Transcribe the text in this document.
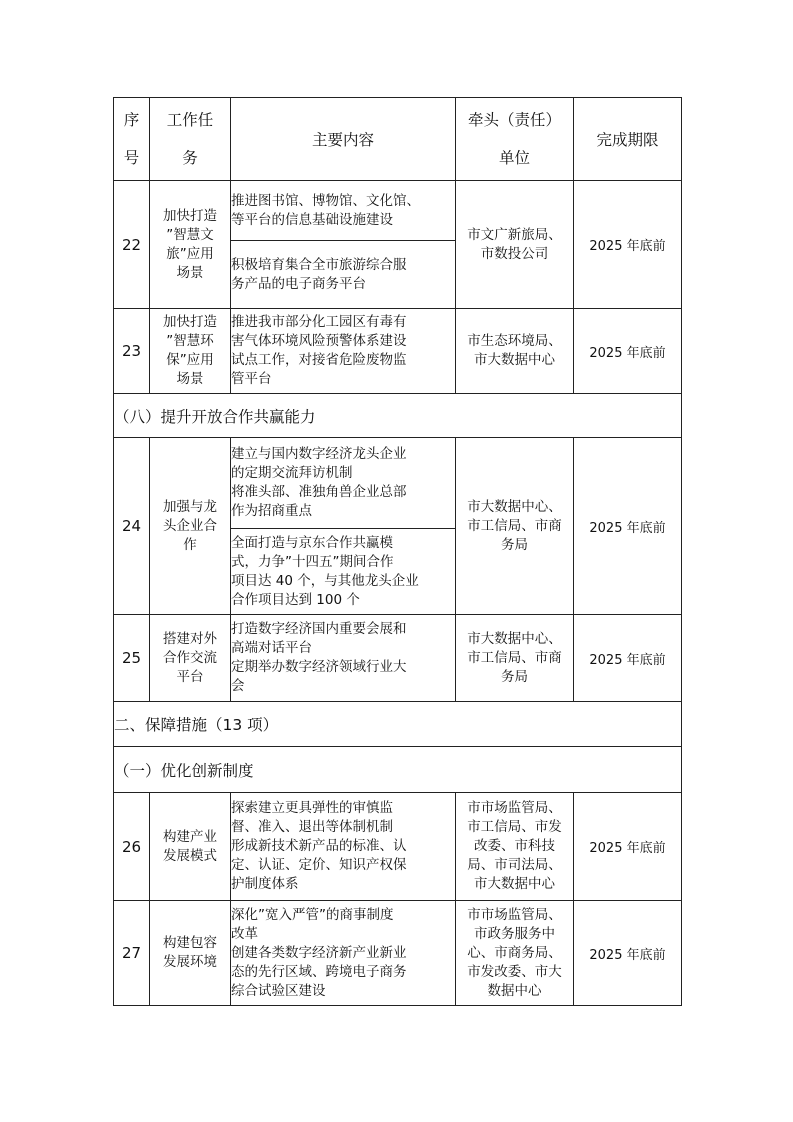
序
号	工作任
务	主要内容	牵头（责任）
单位	完成期限
22	加快打造
”智慧文
旅”应用
场景	推进图书馆、博物馆、文化馆、
等平台的信息基础设施建设	市文广新旅局、
市数投公司	2025 年底前

		积极培育集合全市旅游综合服
务产品的电子商务平台		

23	加快打造
”智慧环
保”应用
场景	推进我市部分化工园区有毒有
害气体环境风险预警体系建设
试点工作，对接省危险废物监
管平台	市生态环境局、
市大数据中心	2025 年底前
（八）提升开放合作共赢能力				
24	加强与龙
头企业合
作	建立与国内数字经济龙头企业
的定期交流拜访机制
将准头部、准独角兽企业总部
作为招商重点	市大数据中心、
市工信局、市商
务局	2025 年底前

		全面打造与京东合作共赢模
式，力争”十四五”期间合作
项目达 40 个，与其他龙头企业
合作项目达到 100 个		

25	搭建对外
合作交流
平台	打造数字经济国内重要会展和
高端对话平台
定期举办数字经济领域行业大
会	市大数据中心、
市工信局、市商
务局	2025 年底前
二、保障措施（13 项）				
（一）优化创新制度				
26	构建产业
发展模式	探索建立更具弹性的审慎监
督、准入、退出等体制机制
形成新技术新产品的标准、认
定、认证、定价、知识产权保
护制度体系	市市场监管局、
市工信局、市发
改委、市科技
局、市司法局、
市大数据中心	2025 年底前
27	构建包容
发展环境	深化”宽入严管”的商事制度
改革
创建各类数字经济新产业新业
态的先行区域、跨境电子商务
综合试验区建设	市市场监管局、
市政务服务中
心、市商务局、
市发改委、市大
数据中心	2025 年底前
